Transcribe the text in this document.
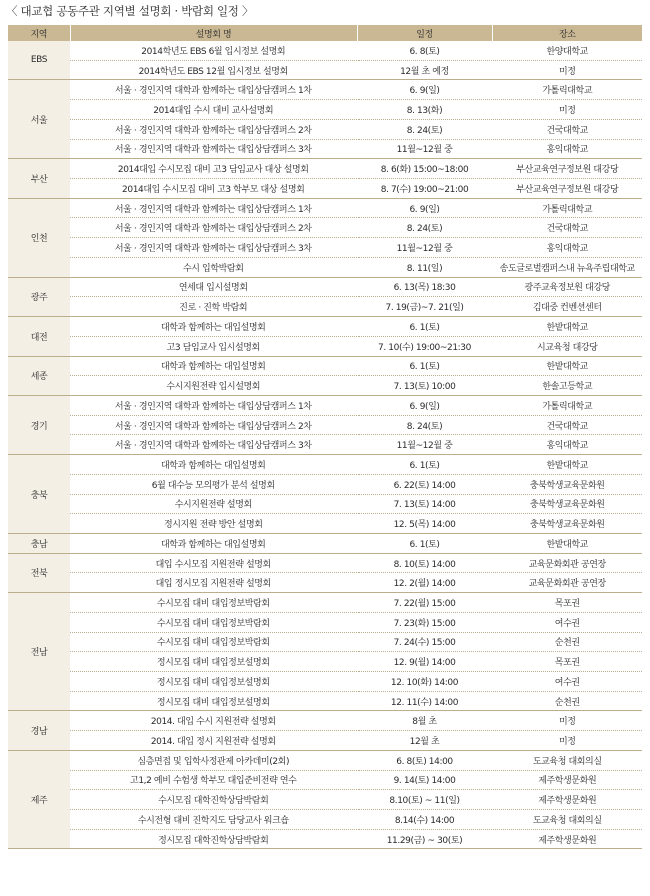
〈 대교협 공동주관 지역별 설명회 · 박람회 일정 〉
지역	설명회 명	일정	장소
EBS	2014학년도 EBS 6월 입시정보 설명회	6. 8(토)	한양대학교
	2014학년도 EBS 12월 입시정보 설명회	12월 초 예정	미정
서울	서울 · 경인지역 대학과 함께하는 대입상담캠퍼스 1차	6. 9(일)	가톨릭대학교
	2014대입 수시 대비 교사설명회	8. 13(화)	미정
	서울 · 경인지역 대학과 함께하는 대입상담캠퍼스 2차	8. 24(토)	건국대학교
	서울 · 경인지역 대학과 함께하는 대입상담캠퍼스 3차	11월~12월 중	홍익대학교
부산	2014대입 수시모집 대비 고3 담임교사 대상 설명회	8. 6(화) 15:00~18:00	부산교육연구정보원 대강당
	2014대입 수시모집 대비 고3 학부모 대상 설명회	8. 7(수) 19:00~21:00	부산교육연구정보원 대강당
인천	서울 · 경인지역 대학과 함께하는 대입상담캠퍼스 1차	6. 9(일)	가톨릭대학교
	서울 · 경인지역 대학과 함께하는 대입상담캠퍼스 2차	8. 24(토)	건국대학교
	서울 · 경인지역 대학과 함께하는 대입상담캠퍼스 3차	11월~12월 중	홍익대학교
	수시 입학박람회	8. 11(일)	송도글로벌캠퍼스내 뉴욕주립대학교
광주	연세대 입시설명회	6. 13(목) 18:30	광주교육정보원 대강당
	진로 · 진학 박람회	7. 19(금)~7. 21(일)	김대중 컨벤션센터
대전	대학과 함께하는 대입설명회	6. 1(토)	한밭대학교
	고3 담임교사 입시설명회	7. 10(수) 19:00~21:30	시교육청 대강당
세종	대학과 함께하는 대입설명회	6. 1(토)	한밭대학교
	수시지원전략 입시설명회	7. 13(토) 10:00	한솔고등학교
경기	서울 · 경인지역 대학과 함께하는 대입상담캠퍼스 1차	6. 9(일)	가톨릭대학교
	서울 · 경인지역 대학과 함께하는 대입상담캠퍼스 2차	8. 24(토)	건국대학교
	서울 · 경인지역 대학과 함께하는 대입상담캠퍼스 3차	11월~12월 중	홍익대학교
충북	대학과 함께하는 대입설명회	6. 1(토)	한밭대학교
	6월 대수능 모의평가 분석 설명회	6. 22(토) 14:00	충북학생교육문화원
	수시지원전략 설명회	7. 13(토) 14:00	충북학생교육문화원
	정시지원 전략 방안 설명회	12. 5(목) 14:00	충북학생교육문화원
충남	대학과 함께하는 대입설명회	6. 1(토)	한밭대학교
전북	대입 수시모집 지원전략 설명회	8. 10(토) 14:00	교육문화회관 공연장
	대입 정시모집 지원전략 설명회	12. 2(월) 14:00	교육문화회관 공연장
전남	수시모집 대비 대입정보박람회	7. 22(월) 15:00	목포권
	수시모집 대비 대입정보박람회	7. 23(화) 15:00	여수권
	수시모집 대비 대입정보박람회	7. 24(수) 15:00	순천권
	정시모집 대비 대입정보설명회	12. 9(월) 14:00	목포권
	정시모집 대비 대입정보설명회	12. 10(화) 14:00	여수권
	정시모집 대비 대입정보설명회	12. 11(수) 14:00	순천권
경남	2014. 대입 수시 지원전략 설명회	8월 초	미정
	2014. 대입 정시 지원전략 설명회	12월 초	미정
제주	심층면접 및 입학사정관제 아카데미(2회)	6. 8(토) 14:00	도교육청 대회의실
	고1,2 예비 수험생 학부모 대입준비전략 연수	9. 14(토) 14:00	제주학생문화원
	수시모집 대학진학상담박람회	8.10(토) ~ 11(일)	제주학생문화원
	수시전형 대비 진학지도 담당교사 워크숍	8.14(수) 14:00	도교육청 대회의실
	정시모집 대학진학상담박람회	11.29(금) ~ 30(토)	제주학생문화원
